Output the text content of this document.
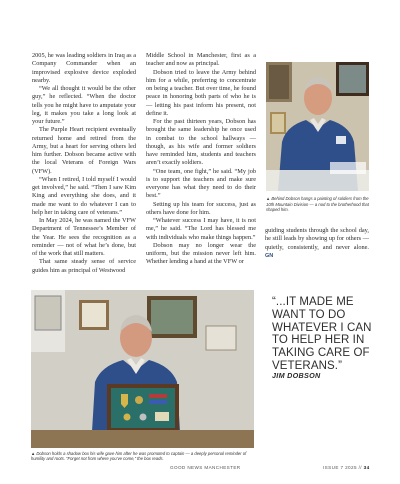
2005, he was leading soldiers in Iraq as a Company Commander when an improvised explosive device exploded nearby.

“We all thought it would be the other guy,” he reflected. “When the doctor tells you he might have to amputate your leg, it makes you take a long look at your future.”

The Purple Heart recipient eventually returned home and retired from the Army, but a heart for serving others led him further. Dobson became active with the local Veterans of Foreign Wars (VFW).

“When I retired, I told myself I would get involved,” he said. “Then I saw Kim King and everything she does, and it made me want to do whatever I can to help her in taking care of veterans.”

In May 2024, he was named the VFW Department of Tennessee’s Member of the Year. He sees the recognition as a reminder — not of what he’s done, but of the work that still matters.

That same steady sense of service guides him as principal of Westwood

Middle School in Manchester, first as a teacher and now as principal.

Dobson tried to leave the Army behind him for a while, preferring to concentrate on being a teacher. But over time, he found peace in honoring both parts of who he is — letting his past inform his present, not define it.

For the past thirteen years, Dobson has brought the same leadership he once used in combat to the school hallways — though, as his wife and former soldiers have reminded him, students and teachers aren’t exactly soldiers.

“One team, one fight,” he said. “My job is to support the teachers and make sure everyone has what they need to do their best.”

Setting up his team for success, just as others have done for him.

“Whatever success I may have, it is not me,” he said. “The Lord has blessed me with individuals who make things happen.”

Dobson may no longer wear the uniform, but the mission never left him. Whether lending a hand at the VFW or

▲ Behind Dobson hangs a painting of soldiers from the 10th Mountain Division — a nod to the brotherhood that shaped him.
guiding students through the school day, he still leads by showing up for others — quietly, consistently, and never alone. GN
▲ Dobson holds a shadow box his wife gave him after he was promoted to captain — a deeply personal reminder of humility and roots. “Forget not from where you’ve come,” the box reads.
“...IT MADE ME WANT TO DO WHATEVER I CAN TO HELP HER IN TAKING CARE OF VETERANS.”
JIM DOBSON
GOOD NEWS MANCHESTER	ISSUE 7 2025 // 34
